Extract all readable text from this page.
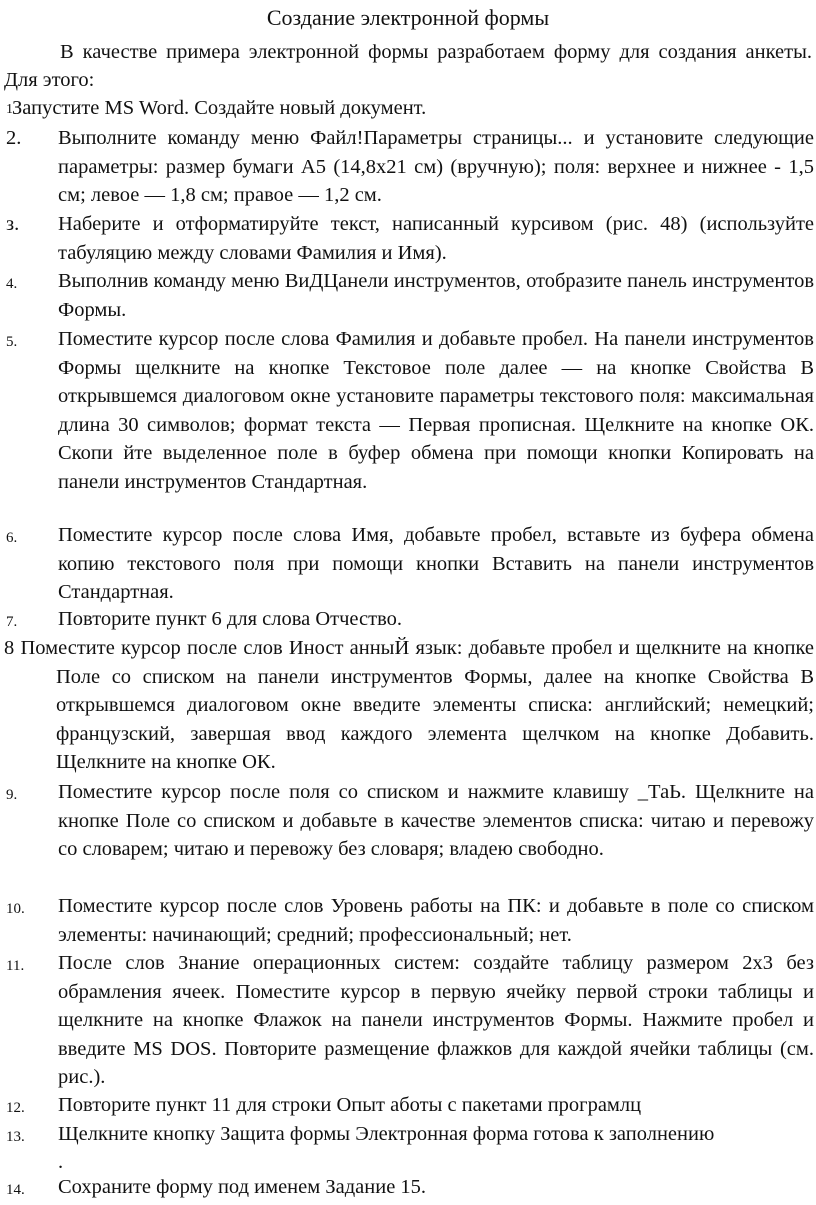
Создание электронной формы
В качестве примера электронной формы разработаем форму для создания анкеты. Для этого:
1 Запустите MS Word. Создайте новый документ.
2. Выполните команду меню Файл!Параметры страницы... и установите следующие параметры: размер бумаги А5 (14,8x21 см) (вручную); поля: верхнее и нижнее - 1,5 см; левое — 1,8 см; правое — 1,2 см.
з. Наберите и отформатируйте текст, написанный курсивом (рис. 48) (используйте табуляцию между словами Фамилия и Имя).
4. Выполнив команду меню ВиДЦанели инструментов, отобразите панель инструментов Формы.
5. Поместите курсор после слова Фамилия и добавьте пробел. На панели инструментов Формы щелкните на кнопке Текстовое поле далее — на кнопке Свойства В открывшемся диалоговом окне установите параметры текстового поля: максимальная длина 30 символов; формат текста — Первая прописная. Щелкните на кнопке ОК. Скопи йте выделенное поле в буфер обмена при помощи кнопки Копировать на панели инструментов Стандартная.
6. Поместите курсор после слова Имя, добавьте пробел, вставьте из буфера обмена копию текстового поля при помощи кнопки Вставить на панели инструментов Стандартная.
7. Повторите пункт 6 для слова Отчество.
8 Поместите курсор после слов Иност анныЙ язык: добавьте пробел и щелкните на кнопке Поле со списком на панели инструментов Формы, далее на кнопке Свойства В открывшемся диалоговом окне введите элементы списка: английский; немецкий; французский, завершая ввод каждого элемента щелчком на кнопке Добавить. Щелкните на кнопке ОК.
9. Поместите курсор после поля со списком и нажмите клавишу _ТаЬ. Щелкните на кнопке Поле со списком и добавьте в качестве элементов списка: читаю и перевожу со словарем; читаю и перевожу без словаря; владею свободно.
10. Поместите курсор после слов Уровень работы на ПК: и добавьте в поле со списком элементы: начинающий; средний; профессиональный; нет.
11. После слов Знание операционных систем: создайте таблицу размером 2x3 без обрамления ячеек. Поместите курсор в первую ячейку первой строки таблицы и щелкните на кнопке Флажок на панели инструментов Формы. Нажмите пробел и введите MS DOS. Повторите размещение флажков для каждой ячейки таблицы (см. рис.).
12. Повторите пункт 11 для строки Опыт аботы с пакетами програмлц
13. Щелкните кнопку Защита формы Электронная форма готова к заполнению
.
14. Сохраните форму под именем Задание 15.
